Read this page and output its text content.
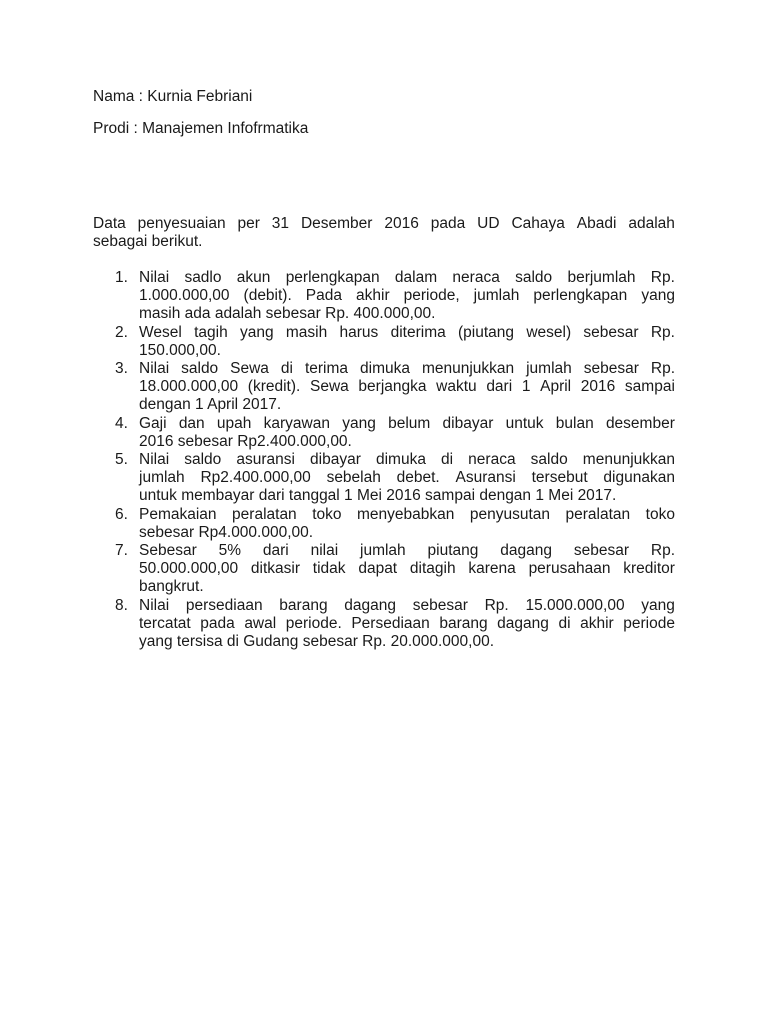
Nama : Kurnia Febriani
Prodi : Manajemen Infofrmatika
Data penyesuaian per 31 Desember 2016 pada UD Cahaya Abadi adalah
sebagai berikut.
1. Nilai sadlo akun perlengkapan dalam neraca saldo berjumlah Rp.
1.000.000,00 (debit). Pada akhir periode, jumlah perlengkapan yang
masih ada adalah sebesar Rp. 400.000,00.
2. Wesel tagih yang masih harus diterima (piutang wesel) sebesar Rp.
150.000,00.
3. Nilai saldo Sewa di terima dimuka menunjukkan jumlah sebesar Rp.
18.000.000,00 (kredit). Sewa berjangka waktu dari 1 April 2016 sampai
dengan 1 April 2017.
4. Gaji dan upah karyawan yang belum dibayar untuk bulan desember
2016 sebesar Rp2.400.000,00.
5. Nilai saldo asuransi dibayar dimuka di neraca saldo menunjukkan
jumlah Rp2.400.000,00 sebelah debet. Asuransi tersebut digunakan
untuk membayar dari tanggal 1 Mei 2016 sampai dengan 1 Mei 2017.
6. Pemakaian peralatan toko menyebabkan penyusutan peralatan toko
sebesar Rp4.000.000,00.
7. Sebesar 5% dari nilai jumlah piutang dagang sebesar Rp.
50.000.000,00 ditkasir tidak dapat ditagih karena perusahaan kreditor
bangkrut.
8. Nilai persediaan barang dagang sebesar Rp. 15.000.000,00 yang
tercatat pada awal periode. Persediaan barang dagang di akhir periode
yang tersisa di Gudang sebesar Rp. 20.000.000,00.
